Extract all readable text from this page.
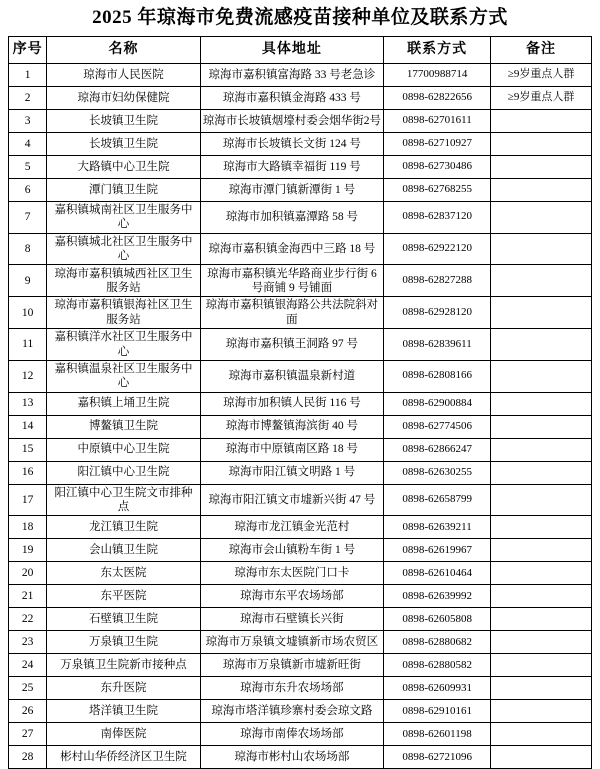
2025 年琼海市免费流感疫苗接种单位及联系方式
序号	名称	具体地址	联系方式	备注
1	琼海市人民医院	琼海市嘉积镇富海路 33 号老急诊	17700988714	≥9岁重点人群
2	琼海市妇幼保健院	琼海市嘉积镇金海路 433 号	0898-62822656	≥9岁重点人群
3	长坡镇卫生院	琼海市长坡镇烟壕村委会烟华街2号	0898-62701611	
4	长坡镇卫生院	琼海市长坡镇长文街 124 号	0898-62710927	
5	大路镇中心卫生院	琼海市大路镇幸福街 119 号	0898-62730486	
6	潭门镇卫生院	琼海市潭门镇新潭街 1 号	0898-62768255	
7	嘉积镇城南社区卫生服务中心	琼海市加积镇嘉潭路 58 号	0898-62837120	
8	嘉积镇城北社区卫生服务中心	琼海市嘉积镇金海西中三路 18 号	0898-62922120	
9	琼海市嘉积镇城西社区卫生服务站	琼海市嘉积镇光华路商业步行街 6 号商铺 9 号铺面	0898-62827288	
10	琼海市嘉积镇银海社区卫生服务站	琼海市嘉积镇银海路公共法院斜对面	0898-62928120	
11	嘉积镇洋水社区卫生服务中心	琼海市嘉积镇王洞路 97 号	0898-62839611	
12	嘉积镇温泉社区卫生服务中心	琼海市嘉积镇温泉新村道	0898-62808166	
13	嘉积镇上埇卫生院	琼海市加积镇人民街 116 号	0898-62900884	
14	博鳌镇卫生院	琼海市博鳌镇海滨街 40 号	0898-62774506	
15	中原镇中心卫生院	琼海市中原镇南区路 18 号	0898-62866247	
16	阳江镇中心卫生院	琼海市阳江镇文明路 1 号	0898-62630255	
17	阳江镇中心卫生院文市排种点	琼海市阳江镇文市墟新兴街 47 号	0898-62658799	
18	龙江镇卫生院	琼海市龙江镇金光范村	0898-62639211	
19	会山镇卫生院	琼海市会山镇粉车街 1 号	0898-62619967	
20	东太医院	琼海市东太医院门口卡	0898-62610464	
21	东平医院	琼海市东平农场场部	0898-62639992	
22	石壁镇卫生院	琼海市石壁镇长兴街	0898-62605808	
23	万泉镇卫生院	琼海市万泉镇文墟镇新市场农贸区	0898-62880682	
24	万泉镇卫生院新市接种点	琼海市万泉镇新市墟新旺街	0898-62880582	
25	东升医院	琼海市东升农场场部	0898-62609931	
26	塔洋镇卫生院	琼海市塔洋镇珍寨村委会琼文路	0898-62910161	
27	南俸医院	琼海市南俸农场场部	0898-62601198	
28	彬村山华侨经济区卫生院	琼海市彬村山农场场部	0898-62721096	
